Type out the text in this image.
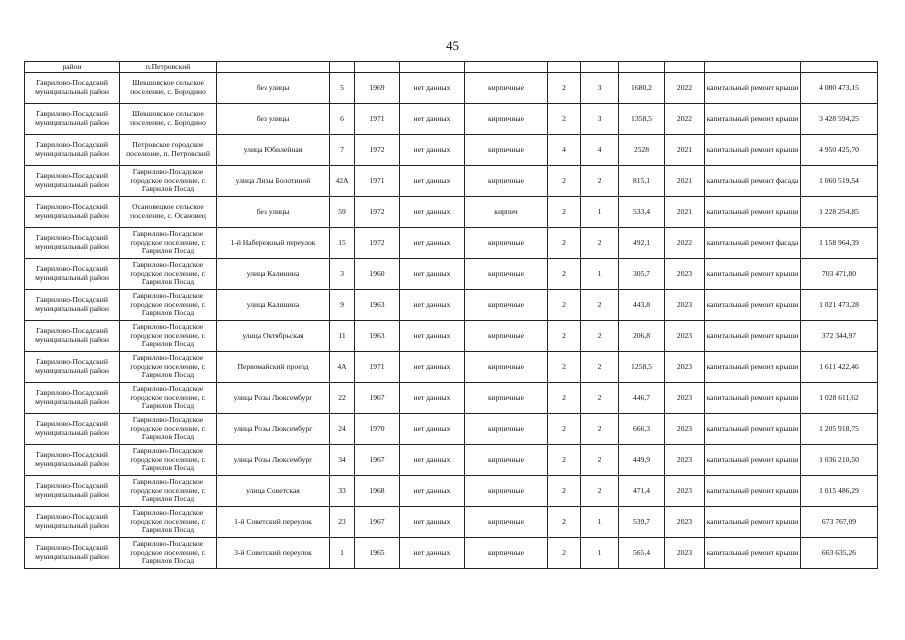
45
район	п.Петровский											
Гаврилово-Посадский муниципальный район	Шекшовское сельское поселение, с. Бородино	без улицы	5	1969	нет данных	кирпичные	2	3	1680,2	2022	капитальный ремонт крыши	4 080 473,15
Гаврилово-Посадский муниципальный район	Шекшовское сельское поселение, с. Бородино	без улицы	6	1971	нет данных	кирпичные	2	3	1358,5	2022	капитальный ремонт крыши	3 428 594,25
Гаврилово-Посадский муниципальный район	Петровское городское поселение, п. Петровский	улица Юбилейная	7	1972	нет данных	кирпичные	4	4	2528	2021	капитальный ремонт крыши	4 950 425,70
Гаврилово-Посадский муниципальный район	Гаврилово-Посадское городское поселение, г. Гаврилов Посад	улица Лизы Болотиной	42А	1971	нет данных	кирпичные	2	2	815,1	2021	капитальный ремонт фасада	1 060 519,54
Гаврилово-Посадский муниципальный район	Осановецкое сельское поселение, с. Осановец	без улицы	59	1972	нет данных	кирпич	2	1	533,4	2021	капитальный ремонт крыши	1 228 254,85
Гаврилово-Посадский муниципальный район	Гаврилово-Посадское городское поселение, г. Гаврилов Посад	1-й Набережный переулок	15	1972	нет данных	кирпичные	2	2	492,1	2022	капитальный ремонт фасада	1 158 964,39
Гаврилово-Посадский муниципальный район	Гаврилово-Посадское городское поселение, г. Гаврилов Посад	улица Калинина	3	1960	нет данных	кирпичные	2	1	305,7	2023	капитальный ремонт крыши	703 471,80
Гаврилово-Посадский муниципальный район	Гаврилово-Посадское городское поселение, г. Гаврилов Посад	улица Калинина	9	1963	нет данных	кирпичные	2	2	443,8	2023	капитальный ремонт крыши	1 021 473,28
Гаврилово-Посадский муниципальный район	Гаврилово-Посадское городское поселение, г. Гаврилов Посад	улица Октябрьская	11	1963	нет данных	кирпичные	2	2	206,8	2023	капитальный ремонт крыши	372 344,97
Гаврилово-Посадский муниципальный район	Гаврилово-Посадское городское поселение, г. Гаврилов Посад	Первомайский проезд	4А	1971	нет данных	кирпичные	2	2	1258,5	2023	капитальный ремонт крыши	1 611 422,46
Гаврилово-Посадский муниципальный район	Гаврилово-Посадское городское поселение, г. Гаврилов Посад	улица Розы Люксембург	22	1967	нет данных	кирпичные	2	2	446,7	2023	капитальный ремонт крыши	1 028 611,62
Гаврилово-Посадский муниципальный район	Гаврилово-Посадское городское поселение, г. Гаврилов Посад	улица Розы Люксембург	24	1970	нет данных	кирпичные	2	2	666,3	2023	капитальный ремонт крыши	1 205 918,75
Гаврилово-Посадский муниципальный район	Гаврилово-Посадское городское поселение, г. Гаврилов Посад	улица Розы Люксембург	34	1967	нет данных	кирпичные	2	2	449,9	2023	капитальный ремонт крыши	1 036 210,50
Гаврилово-Посадский муниципальный район	Гаврилово-Посадское городское поселение, г. Гаврилов Посад	улица Советская	33	1968	нет данных	кирпичные	2	2	471,4	2023	капитальный ремонт крыши	1 015 486,29
Гаврилово-Посадский муниципальный район	Гаврилово-Посадское городское поселение, г. Гаврилов Посад	1-й Советский переулок	23	1967	нет данных	кирпичные	2	1	539,7	2023	капитальный ремонт крыши	673 767,09
Гаврилово-Посадский муниципальный район	Гаврилово-Посадское городское поселение, г. Гаврилов Посад	3-й Советский переулок	1	1965	нет данных	кирпичные	2	1	565,4	2023	капитальный ремонт крыши	663 635,26
